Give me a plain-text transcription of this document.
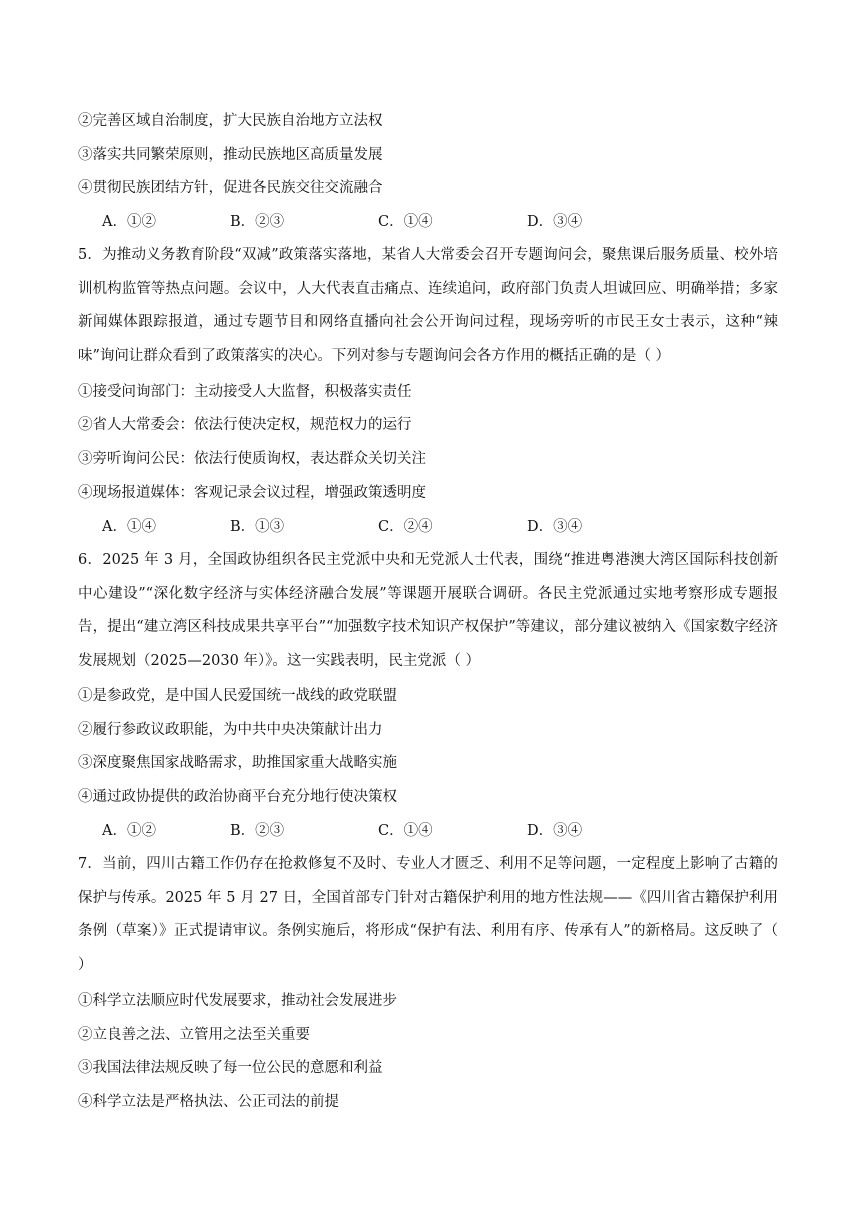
②完善区域自治制度，扩大民族自治地方立法权
③落实共同繁荣原则，推动民族地区高质量发展
④贯彻民族团结方针，促进各民族交往交流融合
A．①②	B．②③	C．①④	D．③④
5．为推动义务教育阶段“双减”政策落实落地，某省人大常委会召开专题询问会，聚焦课后服务质量、校外培训机构监管等热点问题。会议中，人大代表直击痛点、连续追问，政府部门负责人坦诚回应、明确举措；多家新闻媒体跟踪报道，通过专题节目和网络直播向社会公开询问过程，现场旁听的市民王女士表示，这种“辣味”询问让群众看到了政策落实的决心。下列对参与专题询问会各方作用的概括正确的是（ ）
①接受问询部门：主动接受人大监督，积极落实责任
②省人大常委会：依法行使决定权，规范权力的运行
③旁听询问公民：依法行使质询权，表达群众关切关注
④现场报道媒体：客观记录会议过程，增强政策透明度
A．①④	B．①③	C．②④	D．③④
6．2025 年 3 月，全国政协组织各民主党派中央和无党派人士代表，围绕“推进粤港澳大湾区国际科技创新中心建设”“深化数字经济与实体经济融合发展”等课题开展联合调研。各民主党派通过实地考察形成专题报告，提出“建立湾区科技成果共享平台”“加强数字技术知识产权保护”等建议，部分建议被纳入《国家数字经济发展规划（2025—2030 年）》。这一实践表明，民主党派（ ）
①是参政党，是中国人民爱国统一战线的政党联盟
②履行参政议政职能，为中共中央决策献计出力
③深度聚焦国家战略需求，助推国家重大战略实施
④通过政协提供的政治协商平台充分地行使决策权
A．①②	B．②③	C．①④	D．③④
7．当前，四川古籍工作仍存在抢救修复不及时、专业人才匮乏、利用不足等问题，一定程度上影响了古籍的保护与传承。2025 年 5 月 27 日，全国首部专门针对古籍保护利用的地方性法规——《四川省古籍保护利用条例（草案）》正式提请审议。条例实施后，将形成“保护有法、利用有序、传承有人”的新格局。这反映了（ ）
①科学立法顺应时代发展要求，推动社会发展进步
②立良善之法、立管用之法至关重要
③我国法律法规反映了每一位公民的意愿和利益
④科学立法是严格执法、公正司法的前提
